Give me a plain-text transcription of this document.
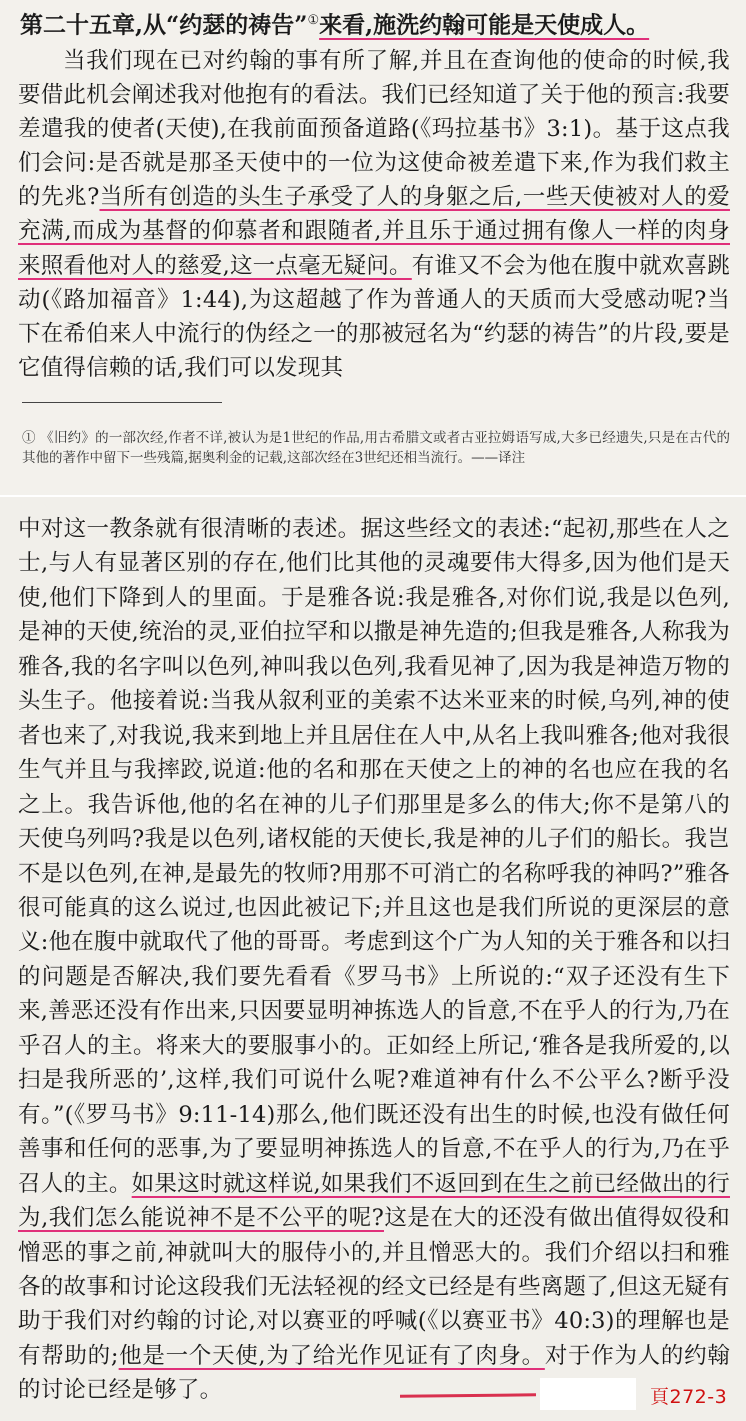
第二十五章,从“约瑟的祷告”①来看,施洗约翰可能是天使成人。

当我们现在已对约翰的事有所了解,并且在查询他的使命的时候,我要借此机会阐述我对他抱有的看法。我们已经知道了关于他的预言:我要差遣我的使者(天使),在我前面预备道路(《玛拉基书》3:1)。基于这点我们会问:是否就是那圣天使中的一位为这使命被差遣下来,作为我们救主的先兆?当所有创造的头生子承受了人的身躯之后,一些天使被对人的爱充满,而成为基督的仰慕者和跟随者,并且乐于通过拥有像人一样的肉身来照看他对人的慈爱,这一点毫无疑问。有谁又不会为他在腹中就欢喜跳动(《路加福音》1:44),为这超越了作为普通人的天质而大受感动呢?当下在希伯来人中流行的伪经之一的那被冠名为“约瑟的祷告”的片段,要是它值得信赖的话,我们可以发现其

① 《旧约》的一部次经,作者不详,被认为是1世纪的作品,用古希腊文或者古亚拉姆语写成,大多已经遗失,只是在古代的其他的著作中留下一些残篇,据奥利金的记载,这部次经在3世纪还相当流行。——译注

中对这一教条就有很清晰的表述。据这些经文的表述:“起初,那些在人之士,与人有显著区别的存在,他们比其他的灵魂要伟大得多,因为他们是天使,他们下降到人的里面。于是雅各说:我是雅各,对你们说,我是以色列,是神的天使,统治的灵,亚伯拉罕和以撒是神先造的;但我是雅各,人称我为雅各,我的名字叫以色列,神叫我以色列,我看见神了,因为我是神造万物的头生子。他接着说:当我从叙利亚的美索不达米亚来的时候,乌列,神的使者也来了,对我说,我来到地上并且居住在人中,从名上我叫雅各;他对我很生气并且与我摔跤,说道:他的名和那在天使之上的神的名也应在我的名之上。我告诉他,他的名在神的儿子们那里是多么的伟大;你不是第八的天使乌列吗?我是以色列,诸权能的天使长,我是神的儿子们的船长。我岂不是以色列,在神,是最先的牧师?用那不可消亡的名称呼我的神吗?”雅各很可能真的这么说过,也因此被记下;并且这也是我们所说的更深层的意义:他在腹中就取代了他的哥哥。考虑到这个广为人知的关于雅各和以扫的问题是否解决,我们要先看看《罗马书》上所说的:“双子还没有生下来,善恶还没有作出来,只因要显明神拣选人的旨意,不在乎人的行为,乃在乎召人的主。将来大的要服事小的。正如经上所记,‘雅各是我所爱的,以扫是我所恶的’,这样,我们可说什么呢?难道神有什么不公平么?断乎没有。”(《罗马书》9:11-14)那么,他们既还没有出生的时候,也没有做任何善事和任何的恶事,为了要显明神拣选人的旨意,不在乎人的行为,乃在乎召人的主。如果这时就这样说,如果我们不返回到在生之前已经做出的行为,我们怎么能说神不是不公平的呢?这是在大的还没有做出值得奴役和憎恶的事之前,神就叫大的服侍小的,并且憎恶大的。我们介绍以扫和雅各的故事和讨论这段我们无法轻视的经文已经是有些离题了,但这无疑有助于我们对约翰的讨论,对以赛亚的呼喊(《以赛亚书》40:3)的理解也是有帮助的;他是一个天使,为了给光作见证有了肉身。对于作为人的约翰的讨论已经是够了。	頁272-3
